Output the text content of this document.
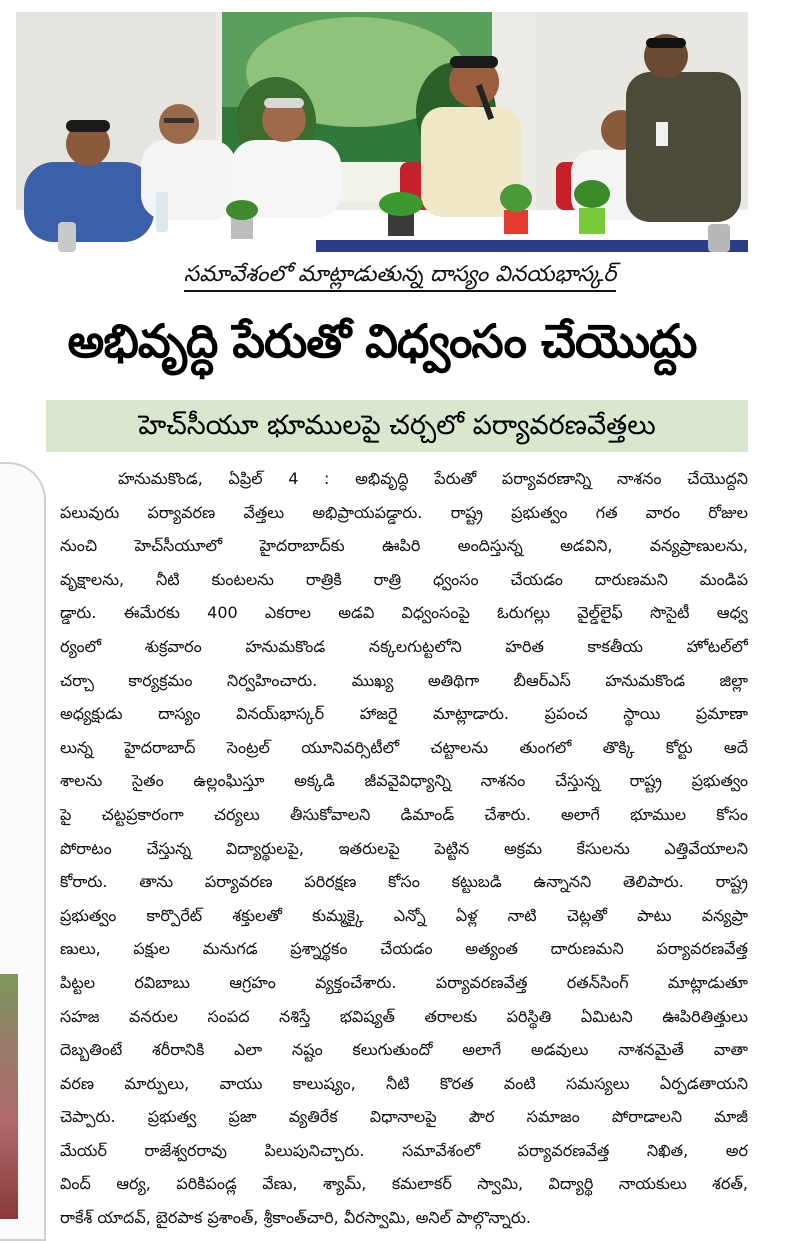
సమావేశంలో మాట్లాడుతున్న దాస్యం వినయభాస్కర్
అభివృద్ధి పేరుతో విధ్వంసం చేయొద్దు
హెచ్‌సీయూ భూములపై చర్చలో పర్యావరణవేత్తలు
హనుమకొండ, ఏప్రిల్ 4 : అభివృద్ధి పేరుతో పర్యావరణాన్ని నాశనం చేయొద్దని
పలువురు పర్యావరణ వేత్తలు అభిప్రాయపడ్డారు. రాష్ట్ర ప్రభుత్వం గత వారం రోజుల
నుంచి హెచ్‌సీయూలో హైదరాబాద్‌కు ఊపిరి అందిస్తున్న అడవిని, వన్యప్రాణులను,
వృక్షాలను, నీటి కుంటలను రాత్రికి రాత్రి ధ్వంసం చేయడం దారుణమని మండిప
డ్డారు. ఈమేరకు 400 ఎకరాల అడవి విధ్వంసంపై ఓరుగల్లు వైల్డ్‌లైఫ్ సొసైటీ ఆధ్వ
ర్యంలో శుక్రవారం హనుమకొండ నక్కలగుట్టలోని హరిత కాకతీయ హోటల్‌లో
చర్చా కార్యక్రమం నిర్వహించారు. ముఖ్య అతిథిగా బీఆర్‌ఎస్ హనుమకొండ జిల్లా
అధ్యక్షుడు దాస్యం వినయ్‌భాస్కర్ హాజరై మాట్లాడారు. ప్రపంచ స్థాయి ప్రమాణా
లున్న హైదరాబాద్ సెంట్రల్ యూనివర్సిటీలో చట్టాలను తుంగలో తొక్కి కోర్టు ఆదే
శాలను సైతం ఉల్లంఘిస్తూ అక్కడి జీవవైవిధ్యాన్ని నాశనం చేస్తున్న రాష్ట్ర ప్రభుత్వం
పై చట్టప్రకారంగా చర్యలు తీసుకోవాలని డిమాండ్ చేశారు. అలాగే భూముల కోసం
పోరాటం చేస్తున్న విద్యార్థులపై, ఇతరులపై పెట్టిన అక్రమ కేసులను ఎత్తివేయాలని
కోరారు. తాను పర్యావరణ పరిరక్షణ కోసం కట్టుబడి ఉన్నానని తెలిపారు. రాష్ట్ర
ప్రభుత్వం కార్పొరేట్ శక్తులతో కుమ్మక్కై ఎన్నో ఏళ్ల నాటి చెట్లతో పాటు వన్యప్రా
ణులు, పక్షుల మనుగడ ప్రశ్నార్థకం చేయడం అత్యంత దారుణమని పర్యావరణవేత్త
పిట్టల రవిబాబు ఆగ్రహం వ్యక్తంచేశారు. పర్యావరణవేత్త రతన్‌సింగ్ మాట్లాడుతూ
సహజ వనరుల సంపద నశిస్తే భవిష్యత్ తరాలకు పరిస్థితి ఏమిటని ఊపిరితిత్తులు
దెబ్బతింటే శరీరానికి ఎలా నష్టం కలుగుతుందో అలాగే అడవులు నాశనమైతే వాతా
వరణ మార్పులు, వాయు కాలుష్యం, నీటి కొరత వంటి సమస్యలు ఏర్పడతాయని
చెప్పారు. ప్రభుత్వ ప్రజా వ్యతిరేక విధానాలపై పౌర సమాజం పోరాడాలని మాజీ
మేయర్ రాజేశ్వరరావు పిలుపునిచ్చారు. సమావేశంలో పర్యావరణవేత్త నిఖిత, అర
వింద్ ఆర్య, పరికిపండ్ల వేణు, శ్యామ్, కమలాకర్ స్వామి, విద్యార్థి నాయకులు శరత్,
రాకేశ్ యాదవ్, బైరపాక ప్రశాంత్, శ్రీకాంత్‌చారి, వీరస్వామి, అనిల్ పాల్గొన్నారు.
